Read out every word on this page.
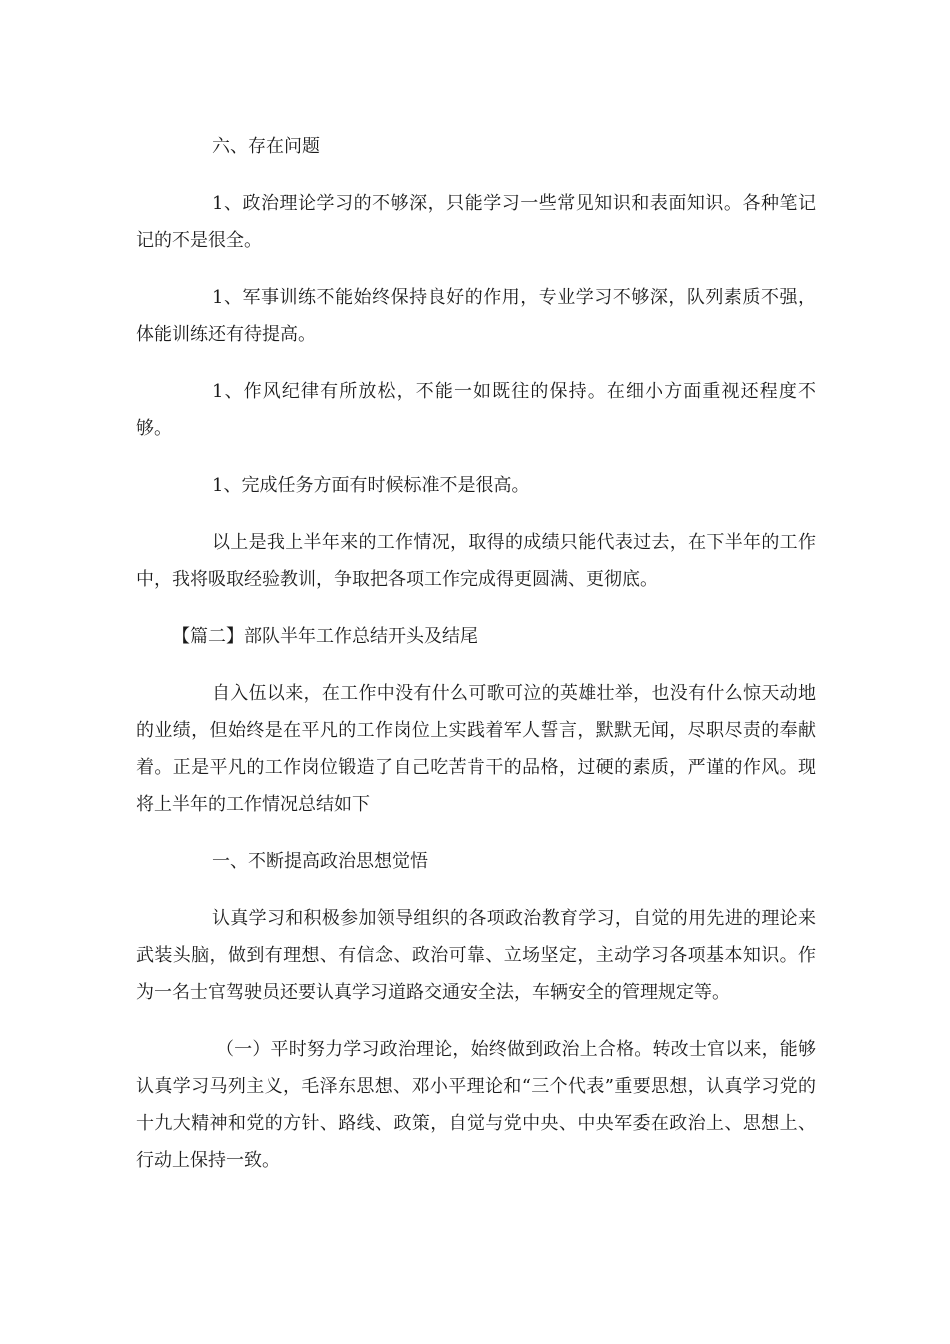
六、存在问题

1、政治理论学习的不够深，只能学习一些常见知识和表面知识。各种笔记记的不是很全。

1、军事训练不能始终保持良好的作用，专业学习不够深，队列素质不强，体能训练还有待提高。

1、作风纪律有所放松，不能一如既往的保持。在细小方面重视还程度不够。

1、完成任务方面有时候标准不是很高。

以上是我上半年来的工作情况，取得的成绩只能代表过去，在下半年的工作中，我将吸取经验教训，争取把各项工作完成得更圆满、更彻底。

【篇二】部队半年工作总结开头及结尾

自入伍以来，在工作中没有什么可歌可泣的英雄壮举，也没有什么惊天动地的业绩，但始终是在平凡的工作岗位上实践着军人誓言，默默无闻，尽职尽责的奉献着。正是平凡的工作岗位锻造了自己吃苦肯干的品格，过硬的素质，严谨的作风。现将上半年的工作情况总结如下

一、不断提高政治思想觉悟

认真学习和积极参加领导组织的各项政治教育学习，自觉的用先进的理论来武装头脑，做到有理想、有信念、政治可靠、立场坚定，主动学习各项基本知识。作为一名士官驾驶员还要认真学习道路交通安全法，车辆安全的管理规定等。

（一）平时努力学习政治理论，始终做到政治上合格。转改士官以来，能够认真学习马列主义，毛泽东思想、邓小平理论和“三个代表”重要思想，认真学习党的十九大精神和党的方针、路线、政策，自觉与党中央、中央军委在政治上、思想上、行动上保持一致。
